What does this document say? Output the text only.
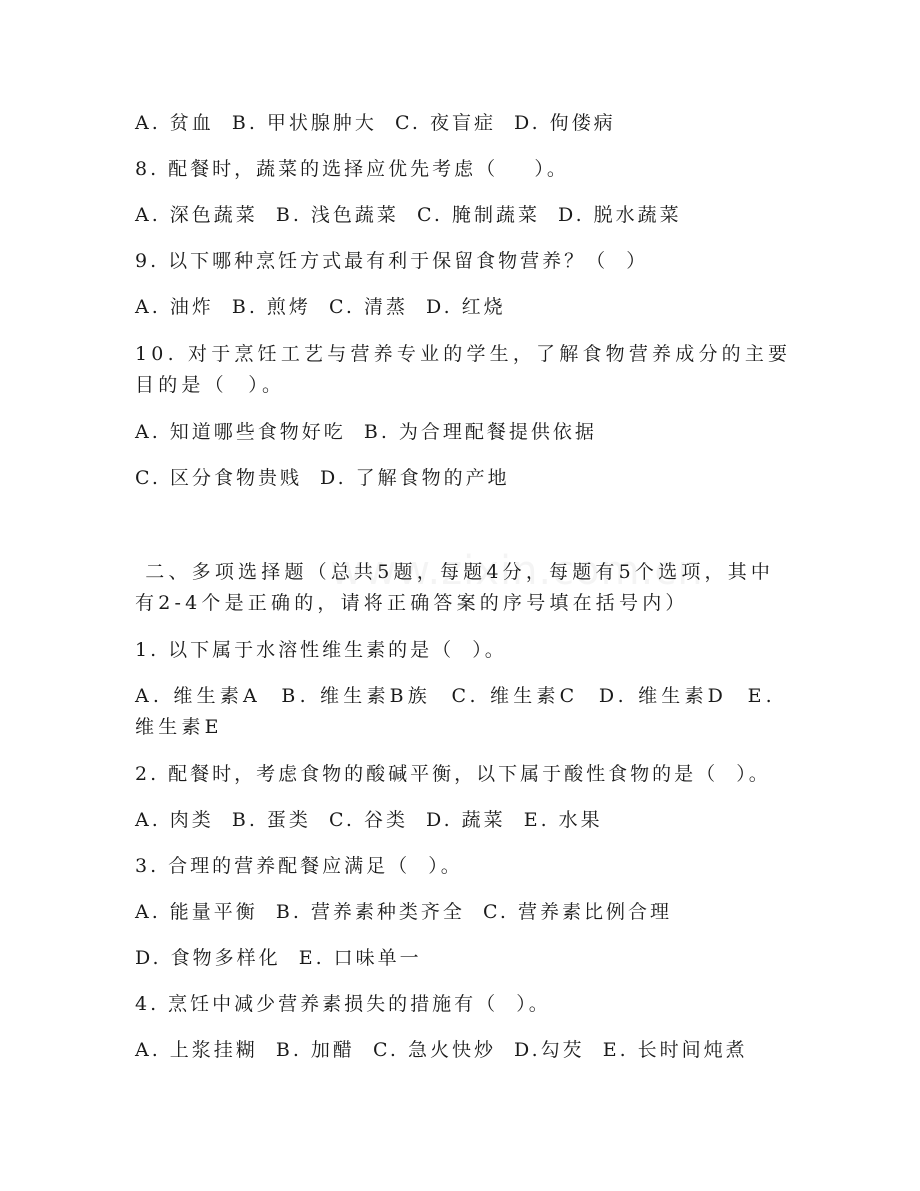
A. 贫血  B. 甲状腺肿大  C. 夜盲症  D. 佝偻病
8. 配餐时，蔬菜的选择应优先考虑（    ）。
A. 深色蔬菜  B. 浅色蔬菜  C. 腌制蔬菜  D. 脱水蔬菜
9. 以下哪种烹饪方式最有利于保留食物营养？（  ）
A. 油炸  B. 煎烤  C. 清蒸  D. 红烧
10. 对于烹饪工艺与营养专业的学生，了解食物营养成分的主要目的是（  ）。
A. 知道哪些食物好吃  B. 为合理配餐提供依据
C. 区分食物贵贱  D. 了解食物的产地
二、多项选择题（总共5题，每题4分，每题有5个选项，其中有2-4个是正确的，请将正确答案的序号填在括号内）
1. 以下属于水溶性维生素的是（  ）。
A. 维生素A  B. 维生素B族  C. 维生素C  D. 维生素D  E. 维生素E
2. 配餐时，考虑食物的酸碱平衡，以下属于酸性食物的是（  ）。
A. 肉类  B. 蛋类  C. 谷类  D. 蔬菜  E. 水果
3. 合理的营养配餐应满足（  ）。
A. 能量平衡  B. 营养素种类齐全  C. 营养素比例合理
D. 食物多样化  E. 口味单一
4. 烹饪中减少营养素损失的措施有（  ）。
A. 上浆挂糊  B. 加醋  C. 急火快炒  D.勾芡  E. 长时间炖煮
